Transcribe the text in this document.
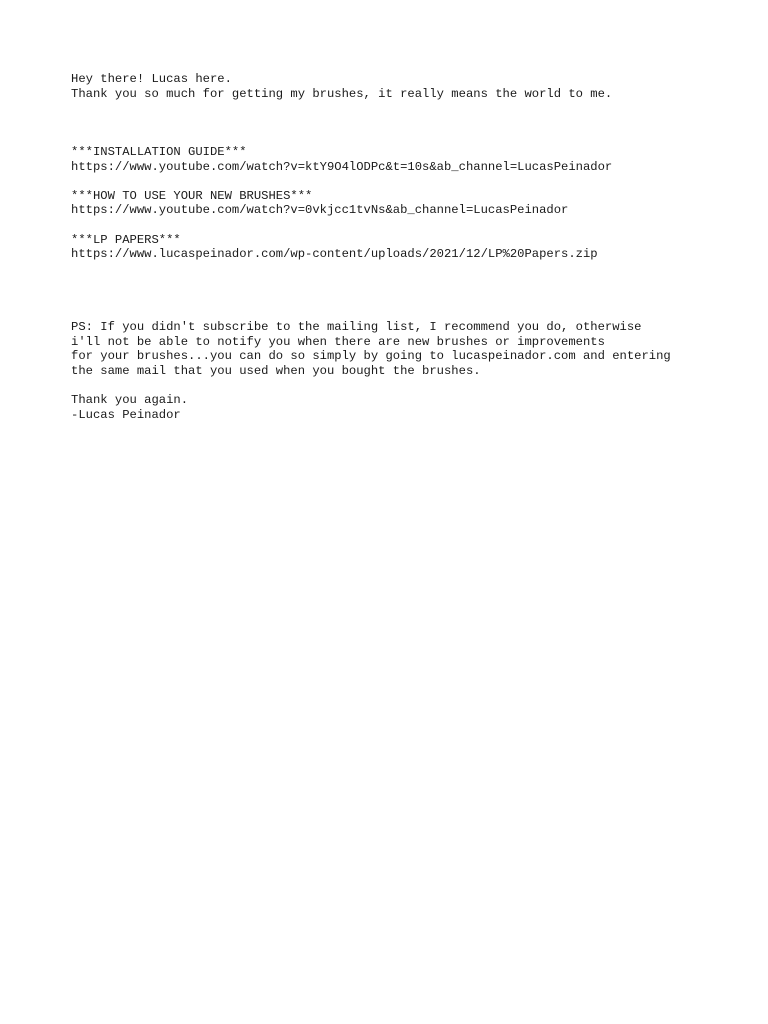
Hey there! Lucas here.
Thank you so much for getting my brushes, it really means the world to me.
***INSTALLATION GUIDE***
https://www.youtube.com/watch?v=ktY9O4lODPc&t=10s&ab_channel=LucasPeinador
***HOW TO USE YOUR NEW BRUSHES***
https://www.youtube.com/watch?v=0vkjcc1tvNs&ab_channel=LucasPeinador
***LP PAPERS***
https://www.lucaspeinador.com/wp-content/uploads/2021/12/LP%20Papers.zip
PS: If you didn't subscribe to the mailing list, I recommend you do, otherwise
i'll not be able to notify you when there are new brushes or improvements
for your brushes...you can do so simply by going to lucaspeinador.com and entering
the same mail that you used when you bought the brushes.
Thank you again.
-Lucas Peinador
